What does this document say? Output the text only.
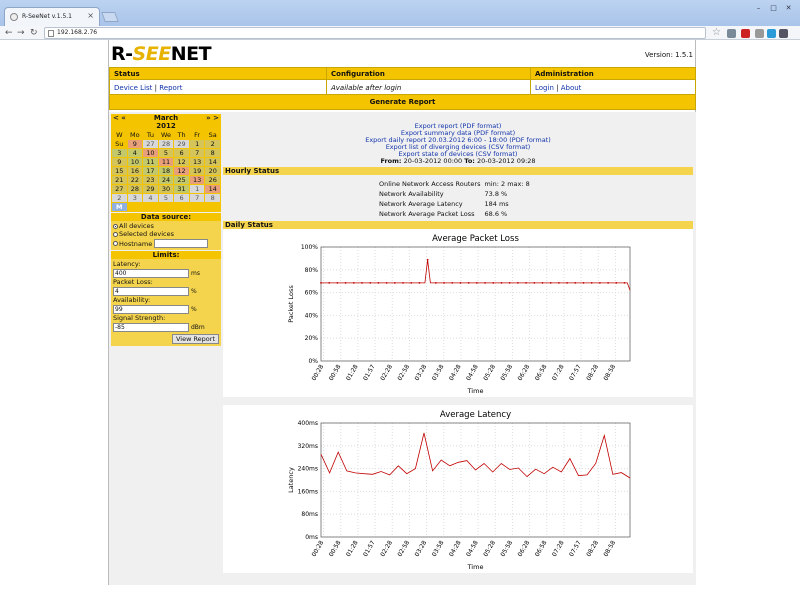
R-SeeNet v.1.5.1 ×
–	□	✕
← → ↻	192.168.2.76	☆
R-SEENET	Version: 1.5.1
Status	Configuration	Administration
Device List | Report	Available after login	Login | About
Generate Report
< «	March	» >
2012
W	Mo	Tu	We	Th	Fr	Sa
Su	9	27	28	29	1	2
3	4	10	5	6	7	8
9	10	11	11	12	13	14
15	16	17	18	12	19	20
21	22	23	24	25	13	26
27	28	29	30	31	1	14
2	3	4	5	6	7	8
M
Data source:
All devices
Selected devices
Hostname
Limits:
Latency:
400	ms
Packet Loss:
4	%
Availability:
99	%
Signal Strength:
-85	dBm
View Report
Export report (PDF format)
Export summary data (PDF format)
Export daily report 20.03.2012 6:00 - 18:00 (PDF format)
Export list of diverging devices (CSV format)
Export state of devices (CSV format)
From: 20-03-2012 00:00 To: 20-03-2012 09:28
Hourly Status
Online Network Access Routers	min: 2 max: 8
Network Availability	73.8 %
Network Average Latency	184 ms
Network Average Packet Loss	68.6 %
Daily Status
Average Packet Loss
0%
20%
40%
60%
80%
100%
00:28 00:58 01:28 01:57 02:28 02:58 03:28 03:58 04:28 04:58 05:28 05:58 06:28 06:58 07:28 07:57 08:28 08:58
Time
Packet Loss
Average Latency
0ms
80ms
160ms
240ms
320ms
400ms
00:28 00:58 01:28 01:57 02:28 02:58 03:28 03:58 04:28 04:58 05:28 05:58 06:28 06:58 07:28 07:57 08:28 08:58
Time
Latency
